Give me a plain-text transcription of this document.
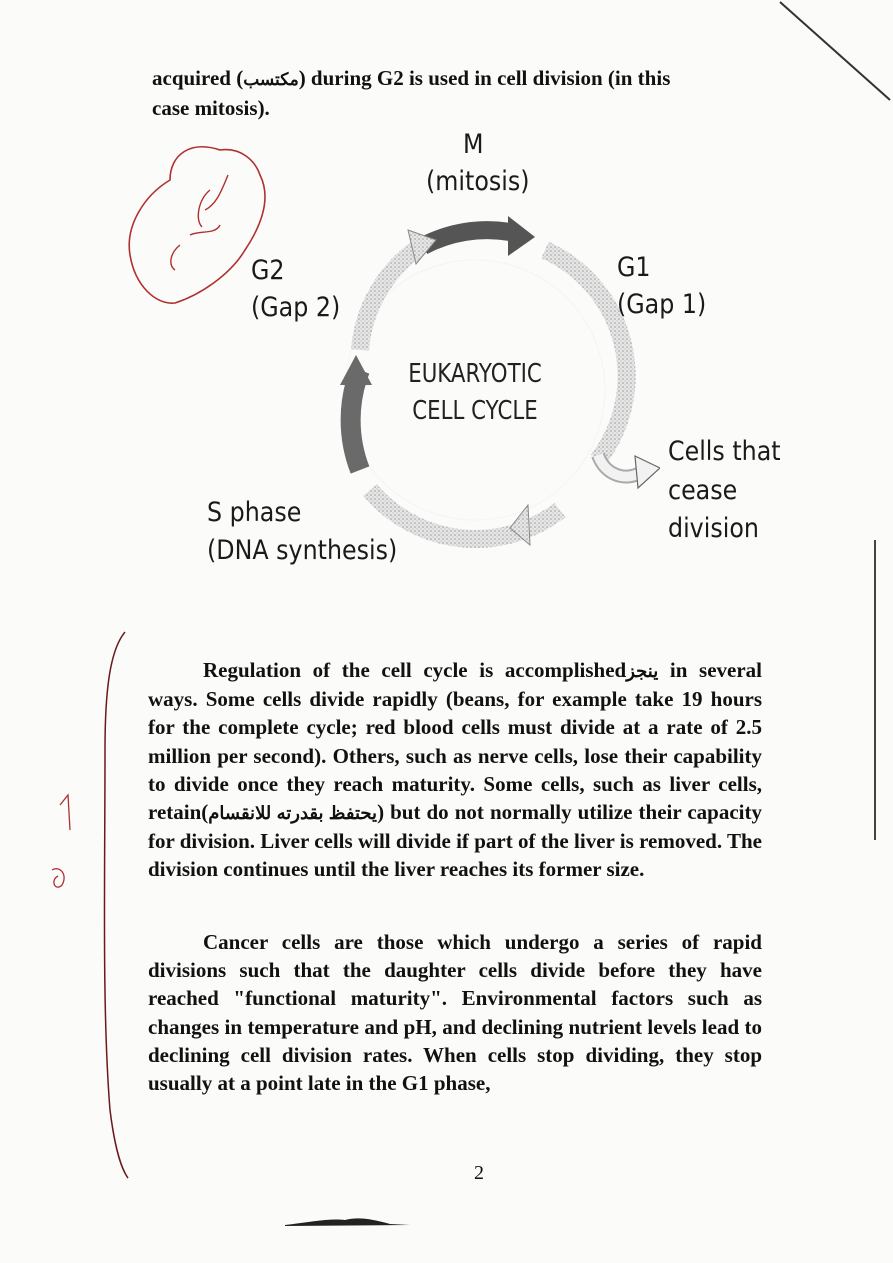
acquired (مكتسب) during G2 is used in cell division (in this
case mitosis).
M
(mitosis)
G2
(Gap 2)
G1
(Gap 1)
S phase
(DNA synthesis)
Cells that
cease
division
EUKARYOTIC
CELL CYCLE

Regulation of the cell cycle is accomplishedينجز in several ways. Some cells divide rapidly (beans, for example take 19 hours for the complete cycle; red blood cells must divide at a rate of 2.5 million per second). Others, such as nerve cells, lose their capability to divide once they reach maturity. Some cells, such as liver cells, retain(يحتفظ بقدرته للانقسام) but do not normally utilize their capacity for division. Liver cells will divide if part of the liver is removed. The division continues until the liver reaches its former size.

Cancer cells are those which undergo a series of rapid divisions such that the daughter cells divide before they have reached "functional maturity". Environmental factors such as changes in temperature and pH, and declining nutrient levels lead to declining cell division rates. When cells stop dividing, they stop usually at a point late in the G1 phase,

2
